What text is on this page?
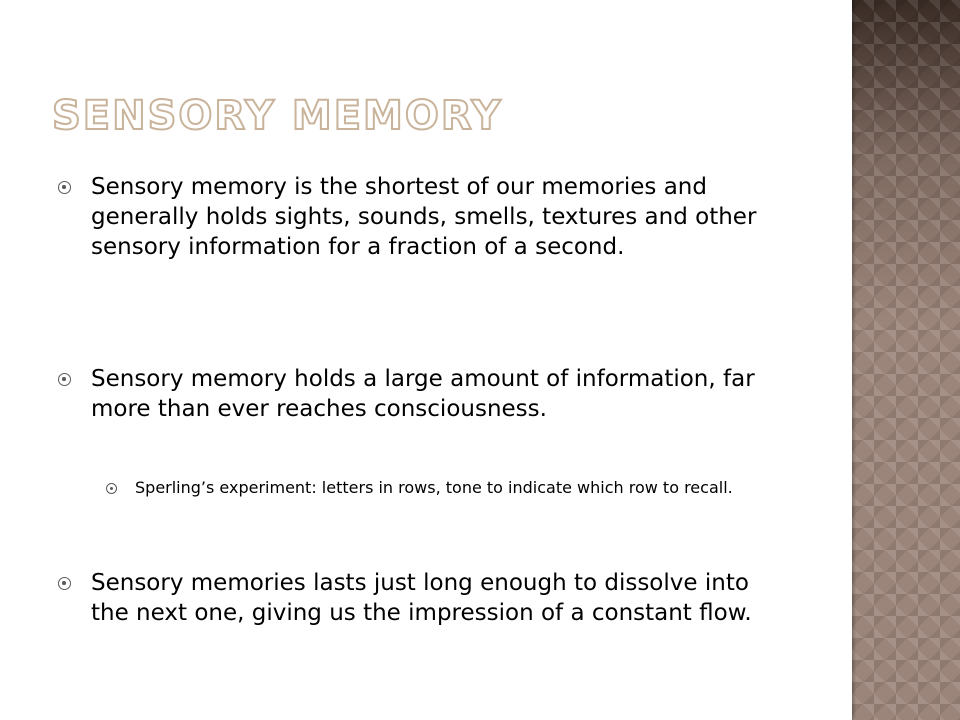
SENSORY MEMORY
Sensory memory is the shortest of our memories and generally holds sights, sounds, smells, textures and other sensory information for a fraction of a second.
Sensory memory holds a large amount of information, far more than ever reaches consciousness.
Sperling’s experiment: letters in rows, tone to indicate which row to recall.
Sensory memories lasts just long enough to dissolve into the next one, giving us the impression of a constant flow.
